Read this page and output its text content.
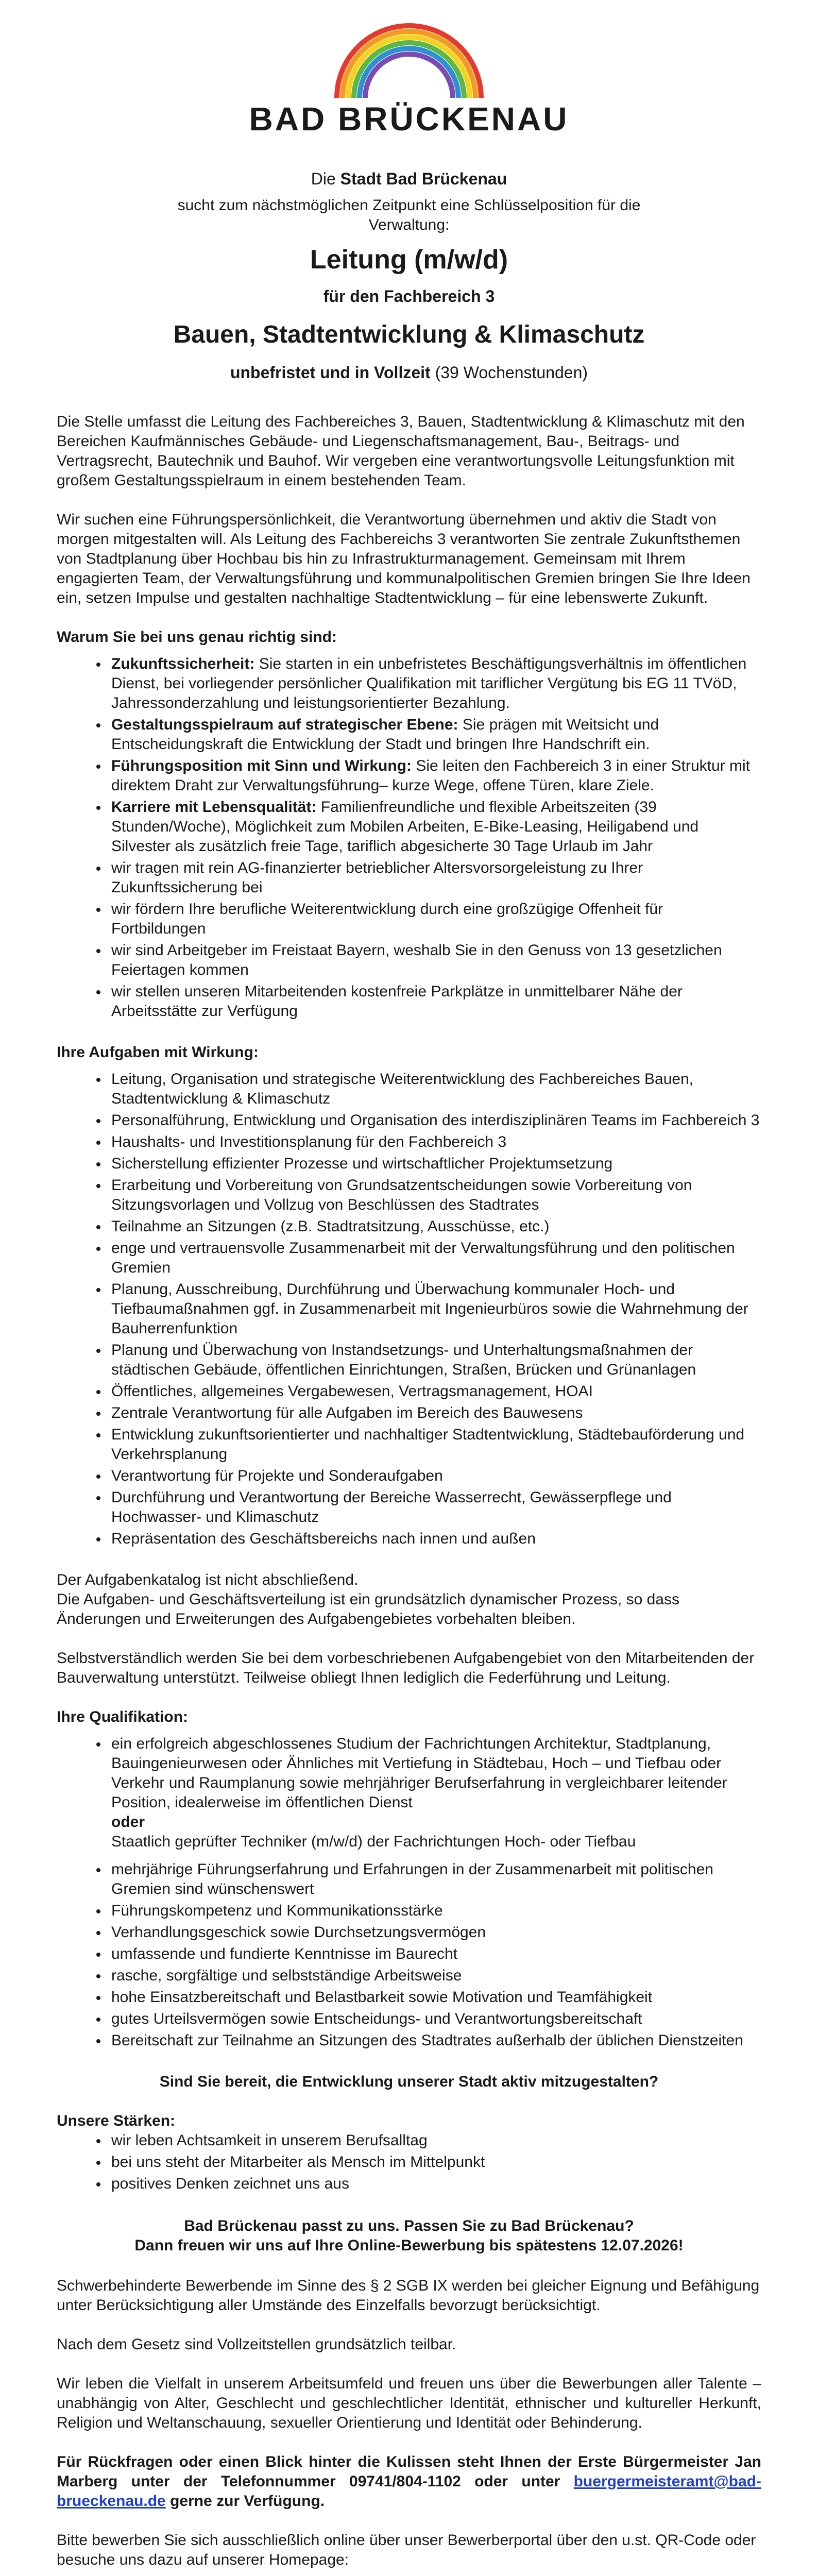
BAD BRÜCKENAU

Die Stadt Bad Brückenau

sucht zum nächstmöglichen Zeitpunkt eine Schlüsselposition für die

Verwaltung:

Leitung (m/w/d)

für den Fachbereich 3

Bauen, Stadtentwicklung & Klimaschutz

unbefristet und in Vollzeit (39 Wochenstunden)

Die Stelle umfasst die Leitung des Fachbereiches 3, Bauen, Stadtentwicklung & Klimaschutz mit den Bereichen Kaufmännisches Gebäude- und Liegenschaftsmanagement, Bau-, Beitrags- und Vertragsrecht, Bautechnik und Bauhof. Wir vergeben eine verantwortungsvolle Leitungsfunktion mit großem Gestaltungsspielraum in einem bestehenden Team.

Wir suchen eine Führungspersönlichkeit, die Verantwortung übernehmen und aktiv die Stadt von morgen mitgestalten will. Als Leitung des Fachbereichs 3 verantworten Sie zentrale Zukunftsthemen von Stadtplanung über Hochbau bis hin zu Infrastrukturmanagement. Gemeinsam mit Ihrem engagierten Team, der Verwaltungsführung und kommunalpolitischen Gremien bringen Sie Ihre Ideen ein, setzen Impulse und gestalten nachhaltige Stadtentwicklung – für eine lebenswerte Zukunft.

Warum Sie bei uns genau richtig sind:

• Zukunftssicherheit: Sie starten in ein unbefristetes Beschäftigungsverhältnis im öffentlichen Dienst, bei vorliegender persönlicher Qualifikation mit tariflicher Vergütung bis EG 11 TVöD, Jahressonderzahlung und leistungsorientierter Bezahlung.
• Gestaltungsspielraum auf strategischer Ebene: Sie prägen mit Weitsicht und Entscheidungskraft die Entwicklung der Stadt und bringen Ihre Handschrift ein.
• Führungsposition mit Sinn und Wirkung: Sie leiten den Fachbereich 3 in einer Struktur mit direktem Draht zur Verwaltungsführung– kurze Wege, offene Türen, klare Ziele.
• Karriere mit Lebensqualität: Familienfreundliche und flexible Arbeitszeiten (39 Stunden/Woche), Möglichkeit zum Mobilen Arbeiten, E-Bike-Leasing, Heiligabend und Silvester als zusätzlich freie Tage, tariflich abgesicherte 30 Tage Urlaub im Jahr
• wir tragen mit rein AG-finanzierter betrieblicher Altersvorsorgeleistung zu Ihrer Zukunftssicherung bei
• wir fördern Ihre berufliche Weiterentwicklung durch eine großzügige Offenheit für Fortbildungen
• wir sind Arbeitgeber im Freistaat Bayern, weshalb Sie in den Genuss von 13 gesetzlichen Feiertagen kommen
• wir stellen unseren Mitarbeitenden kostenfreie Parkplätze in unmittelbarer Nähe der Arbeitsstätte zur Verfügung

Ihre Aufgaben mit Wirkung:

• Leitung, Organisation und strategische Weiterentwicklung des Fachbereiches Bauen, Stadtentwicklung & Klimaschutz
• Personalführung, Entwicklung und Organisation des interdisziplinären Teams im Fachbereich 3
• Haushalts- und Investitionsplanung für den Fachbereich 3
• Sicherstellung effizienter Prozesse und wirtschaftlicher Projektumsetzung
• Erarbeitung und Vorbereitung von Grundsatzentscheidungen sowie Vorbereitung von Sitzungsvorlagen und Vollzug von Beschlüssen des Stadtrates
• Teilnahme an Sitzungen (z.B. Stadtratsitzung, Ausschüsse, etc.)
• enge und vertrauensvolle Zusammenarbeit mit der Verwaltungsführung und den politischen Gremien
• Planung, Ausschreibung, Durchführung und Überwachung kommunaler Hoch- und Tiefbaumaßnahmen ggf. in Zusammenarbeit mit Ingenieurbüros sowie die Wahrnehmung der Bauherrenfunktion
• Planung und Überwachung von Instandsetzungs- und Unterhaltungsmaßnahmen der städtischen Gebäude, öffentlichen Einrichtungen, Straßen, Brücken und Grünanlagen
• Öffentliches, allgemeines Vergabewesen, Vertragsmanagement, HOAI
• Zentrale Verantwortung für alle Aufgaben im Bereich des Bauwesens
• Entwicklung zukunftsorientierter und nachhaltiger Stadtentwicklung, Städtebauförderung und Verkehrsplanung
• Verantwortung für Projekte und Sonderaufgaben
• Durchführung und Verantwortung der Bereiche Wasserrecht, Gewässerpflege und Hochwasser- und Klimaschutz
• Repräsentation des Geschäftsbereichs nach innen und außen

Der Aufgabenkatalog ist nicht abschließend.

Die Aufgaben- und Geschäftsverteilung ist ein grundsätzlich dynamischer Prozess, so dass Änderungen und Erweiterungen des Aufgabengebietes vorbehalten bleiben.

Selbstverständlich werden Sie bei dem vorbeschriebenen Aufgabengebiet von den Mitarbeitenden der Bauverwaltung unterstützt. Teilweise obliegt Ihnen lediglich die Federführung und Leitung.

Ihre Qualifikation:

• ein erfolgreich abgeschlossenes Studium der Fachrichtungen Architektur, Stadtplanung, Bauingenieurwesen oder Ähnliches mit Vertiefung in Städtebau, Hoch – und Tiefbau oder Verkehr und Raumplanung sowie mehrjähriger Berufserfahrung in vergleichbarer leitender Position, idealerweise im öffentlichen Dienst
oder
Staatlich geprüfter Techniker (m/w/d) der Fachrichtungen Hoch- oder Tiefbau
• mehrjährige Führungserfahrung und Erfahrungen in der Zusammenarbeit mit politischen Gremien sind wünschenswert
• Führungskompetenz und Kommunikationsstärke
• Verhandlungsgeschick sowie Durchsetzungsvermögen
• umfassende und fundierte Kenntnisse im Baurecht
• rasche, sorgfältige und selbstständige Arbeitsweise
• hohe Einsatzbereitschaft und Belastbarkeit sowie Motivation und Teamfähigkeit
• gutes Urteilsvermögen sowie Entscheidungs- und Verantwortungsbereitschaft
• Bereitschaft zur Teilnahme an Sitzungen des Stadtrates außerhalb der üblichen Dienstzeiten

Sind Sie bereit, die Entwicklung unserer Stadt aktiv mitzugestalten?

Unsere Stärken:

• wir leben Achtsamkeit in unserem Berufsalltag
• bei uns steht der Mitarbeiter als Mensch im Mittelpunkt
• positives Denken zeichnet uns aus

Bad Brückenau passt zu uns. Passen Sie zu Bad Brückenau?

Dann freuen wir uns auf Ihre Online-Bewerbung bis spätestens 12.07.2026!

Schwerbehinderte Bewerbende im Sinne des § 2 SGB IX werden bei gleicher Eignung und Befähigung unter Berücksichtigung aller Umstände des Einzelfalls bevorzugt berücksichtigt.

Nach dem Gesetz sind Vollzeitstellen grundsätzlich teilbar.

Wir leben die Vielfalt in unserem Arbeitsumfeld und freuen uns über die Bewerbungen aller Talente – unabhängig von Alter, Geschlecht und geschlechtlicher Identität, ethnischer und kultureller Herkunft, Religion und Weltanschauung, sexueller Orientierung und Identität oder Behinderung.

Für Rückfragen oder einen Blick hinter die Kulissen steht Ihnen der Erste Bürgermeister Jan Marberg unter der Telefonnummer 09741/804-1102 oder unter buergermeisteramt@bad-brueckenau.de gerne zur Verfügung.

Bitte bewerben Sie sich ausschließlich online über unser Bewerberportal über den u.st. QR-Code oder besuche uns dazu auf unserer Homepage:
